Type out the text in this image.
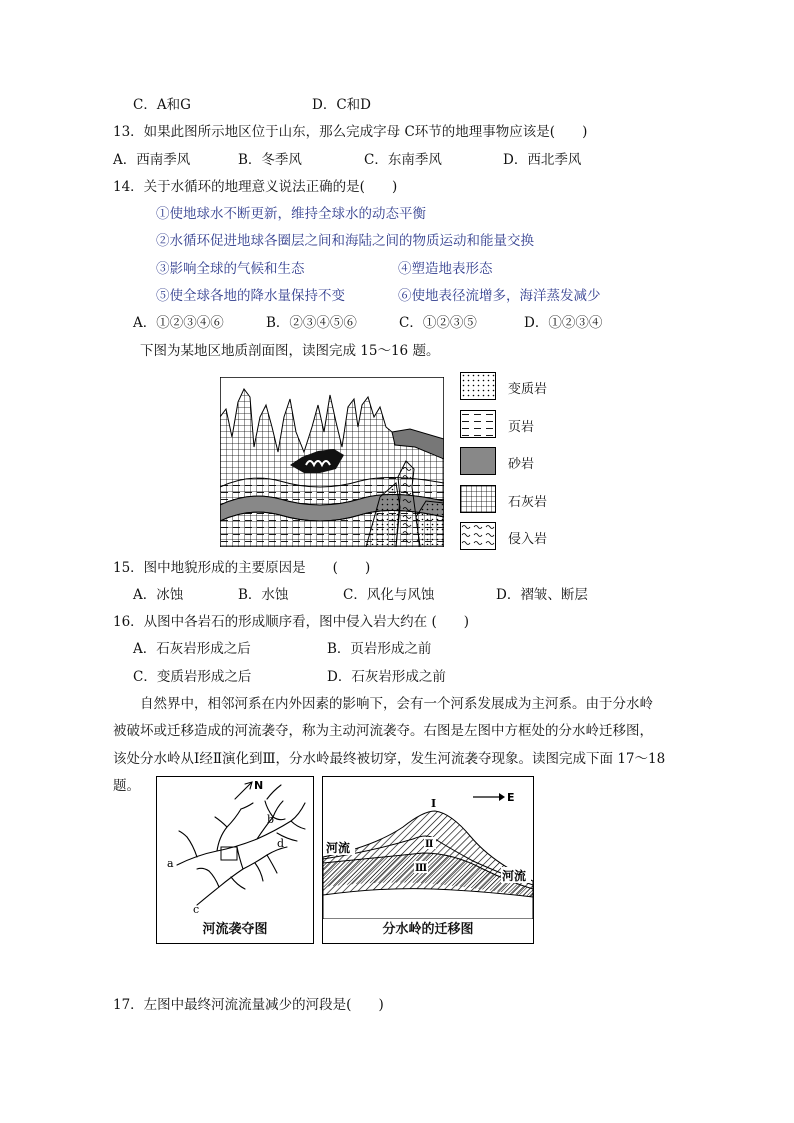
C．A和G	D．C和D
13．如果此图所示地区位于山东，那么完成字母 C环节的地理事物应该是(　　)
A．西南季风	B．冬季风	C．东南季风	D．西北季风
14．关于水循环的地理意义说法正确的是(　　)
①使地球水不断更新，维持全球水的动态平衡
②水循环促进地球各圈层之间和海陆之间的物质运动和能量交换
③影响全球的气候和生态	④塑造地表形态
⑤使全球各地的降水量保持不变	⑥使地表径流增多，海洋蒸发减少
A．①②③④⑥	B．②③④⑤⑥	C．①②③⑤	D．①②③④
下图为某地区地质剖面图，读图完成 15～16 题。
变质岩
页岩
砂岩
石灰岩
侵入岩
15．图中地貌形成的主要原因是　　(　　)
A．冰蚀	B．水蚀	C．风化与风蚀	D．褶皱、断层
16．从图中各岩石的形成顺序看，图中侵入岩大约在 (　　)
A．石灰岩形成之后	B．页岩形成之前
C．变质岩形成之后	D．石灰岩形成之前
自然界中，相邻河系在内外因素的影响下，会有一个河系发展成为主河系。由于分水岭
被破坏或迁移造成的河流袭夺，称为主动河流袭夺。右图是左图中方框处的分水岭迁移图，
该处分水岭从Ⅰ经Ⅱ演化到Ⅲ，分水岭最终被切穿，发生河流袭夺现象。读图完成下面 17～18
题。	N
a
b
c
d
河流袭夺图
E
河流
河流
Ⅰ
Ⅱ
Ⅲ
分水岭的迁移图
17．左图中最终河流流量减少的河段是(　　)
